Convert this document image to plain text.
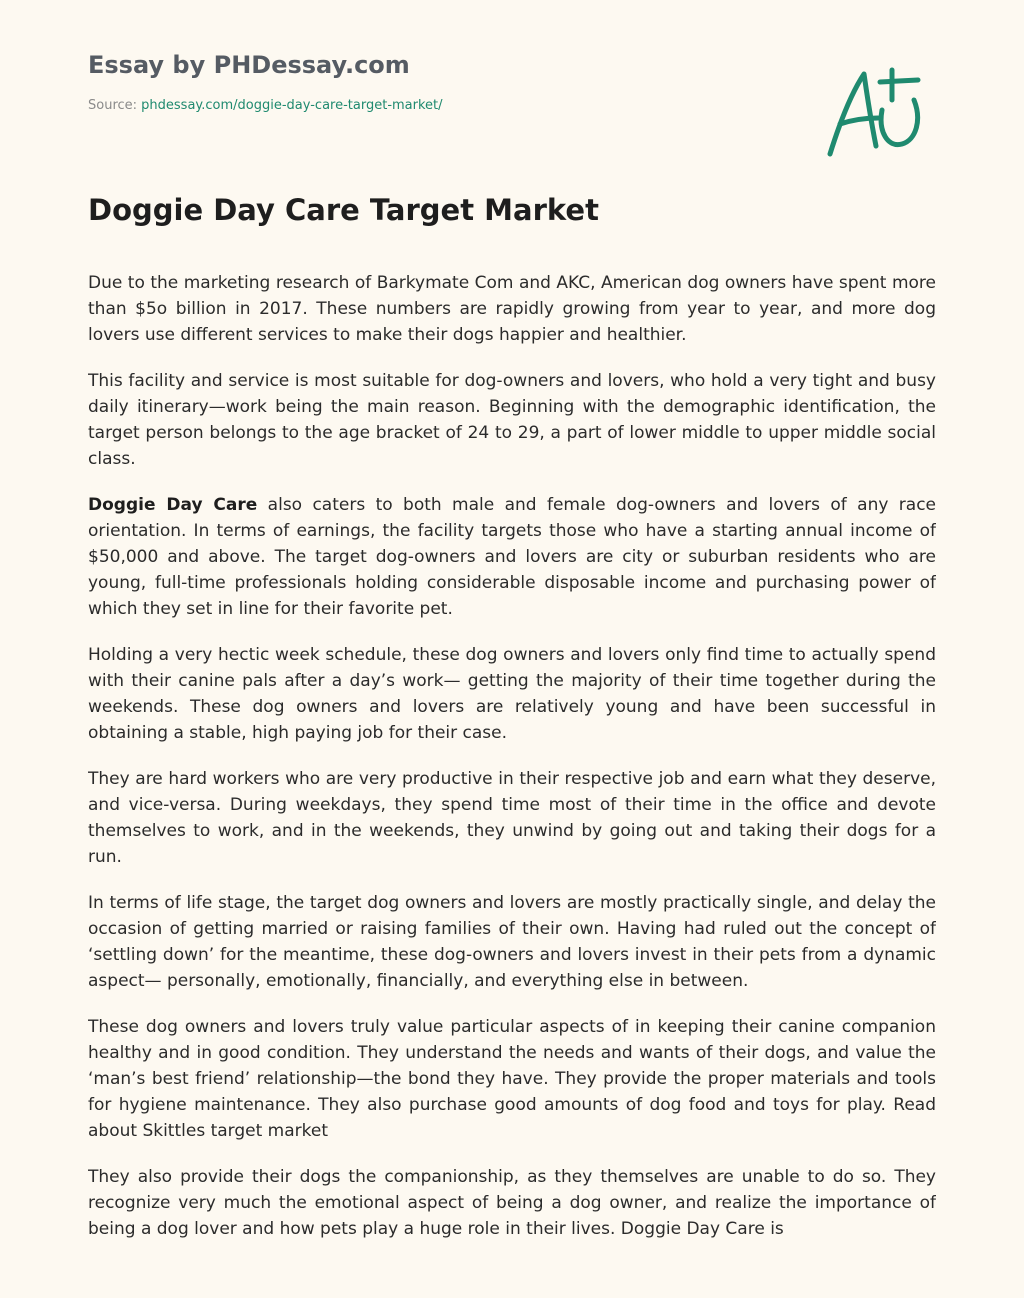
Essay by PHDessay.com
Source: phdessay.com/doggie-day-care-target-market/
Doggie Day Care Target Market

Due to the marketing research of Barkymate Com and AKC, American dog owners have spent more than $5o billion in 2017. These numbers are rapidly growing from year to year, and more dog lovers use different services to make their dogs happier and healthier.

This facility and service is most suitable for dog-owners and lovers, who hold a very tight and busy daily itinerary—work being the main reason. Beginning with the demographic identification, the target person belongs to the age bracket of 24 to 29, a part of lower middle to upper middle social class.

Doggie Day Care also caters to both male and female dog-owners and lovers of any race orientation. In terms of earnings, the facility targets those who have a starting annual income of $50,000 and above. The target dog-owners and lovers are city or suburban residents who are young, full-time professionals holding considerable disposable income and purchasing power of which they set in line for their favorite pet.

Holding a very hectic week schedule, these dog owners and lovers only find time to actually spend with their canine pals after a day’s work— getting the majority of their time together during the weekends. These dog owners and lovers are relatively young and have been successful in obtaining a stable, high paying job for their case.

They are hard workers who are very productive in their respective job and earn what they deserve, and vice-versa. During weekdays, they spend time most of their time in the office and devote themselves to work, and in the weekends, they unwind by going out and taking their dogs for a run.

In terms of life stage, the target dog owners and lovers are mostly practically single, and delay the occasion of getting married or raising families of their own. Having had ruled out the concept of ‘settling down’ for the meantime, these dog-owners and lovers invest in their pets from a dynamic aspect— personally, emotionally, financially, and everything else in between.

These dog owners and lovers truly value particular aspects of in keeping their canine companion healthy and in good condition. They understand the needs and wants of their dogs, and value the ‘man’s best friend’ relationship—the bond they have. They provide the proper materials and tools for hygiene maintenance. They also purchase good amounts of dog food and toys for play. Read about Skittles target market

They also provide their dogs the companionship, as they themselves are unable to do so. They recognize very much the emotional aspect of being a dog owner, and realize the importance of being a dog lover and how pets play a huge role in their lives. Doggie Day Care is
